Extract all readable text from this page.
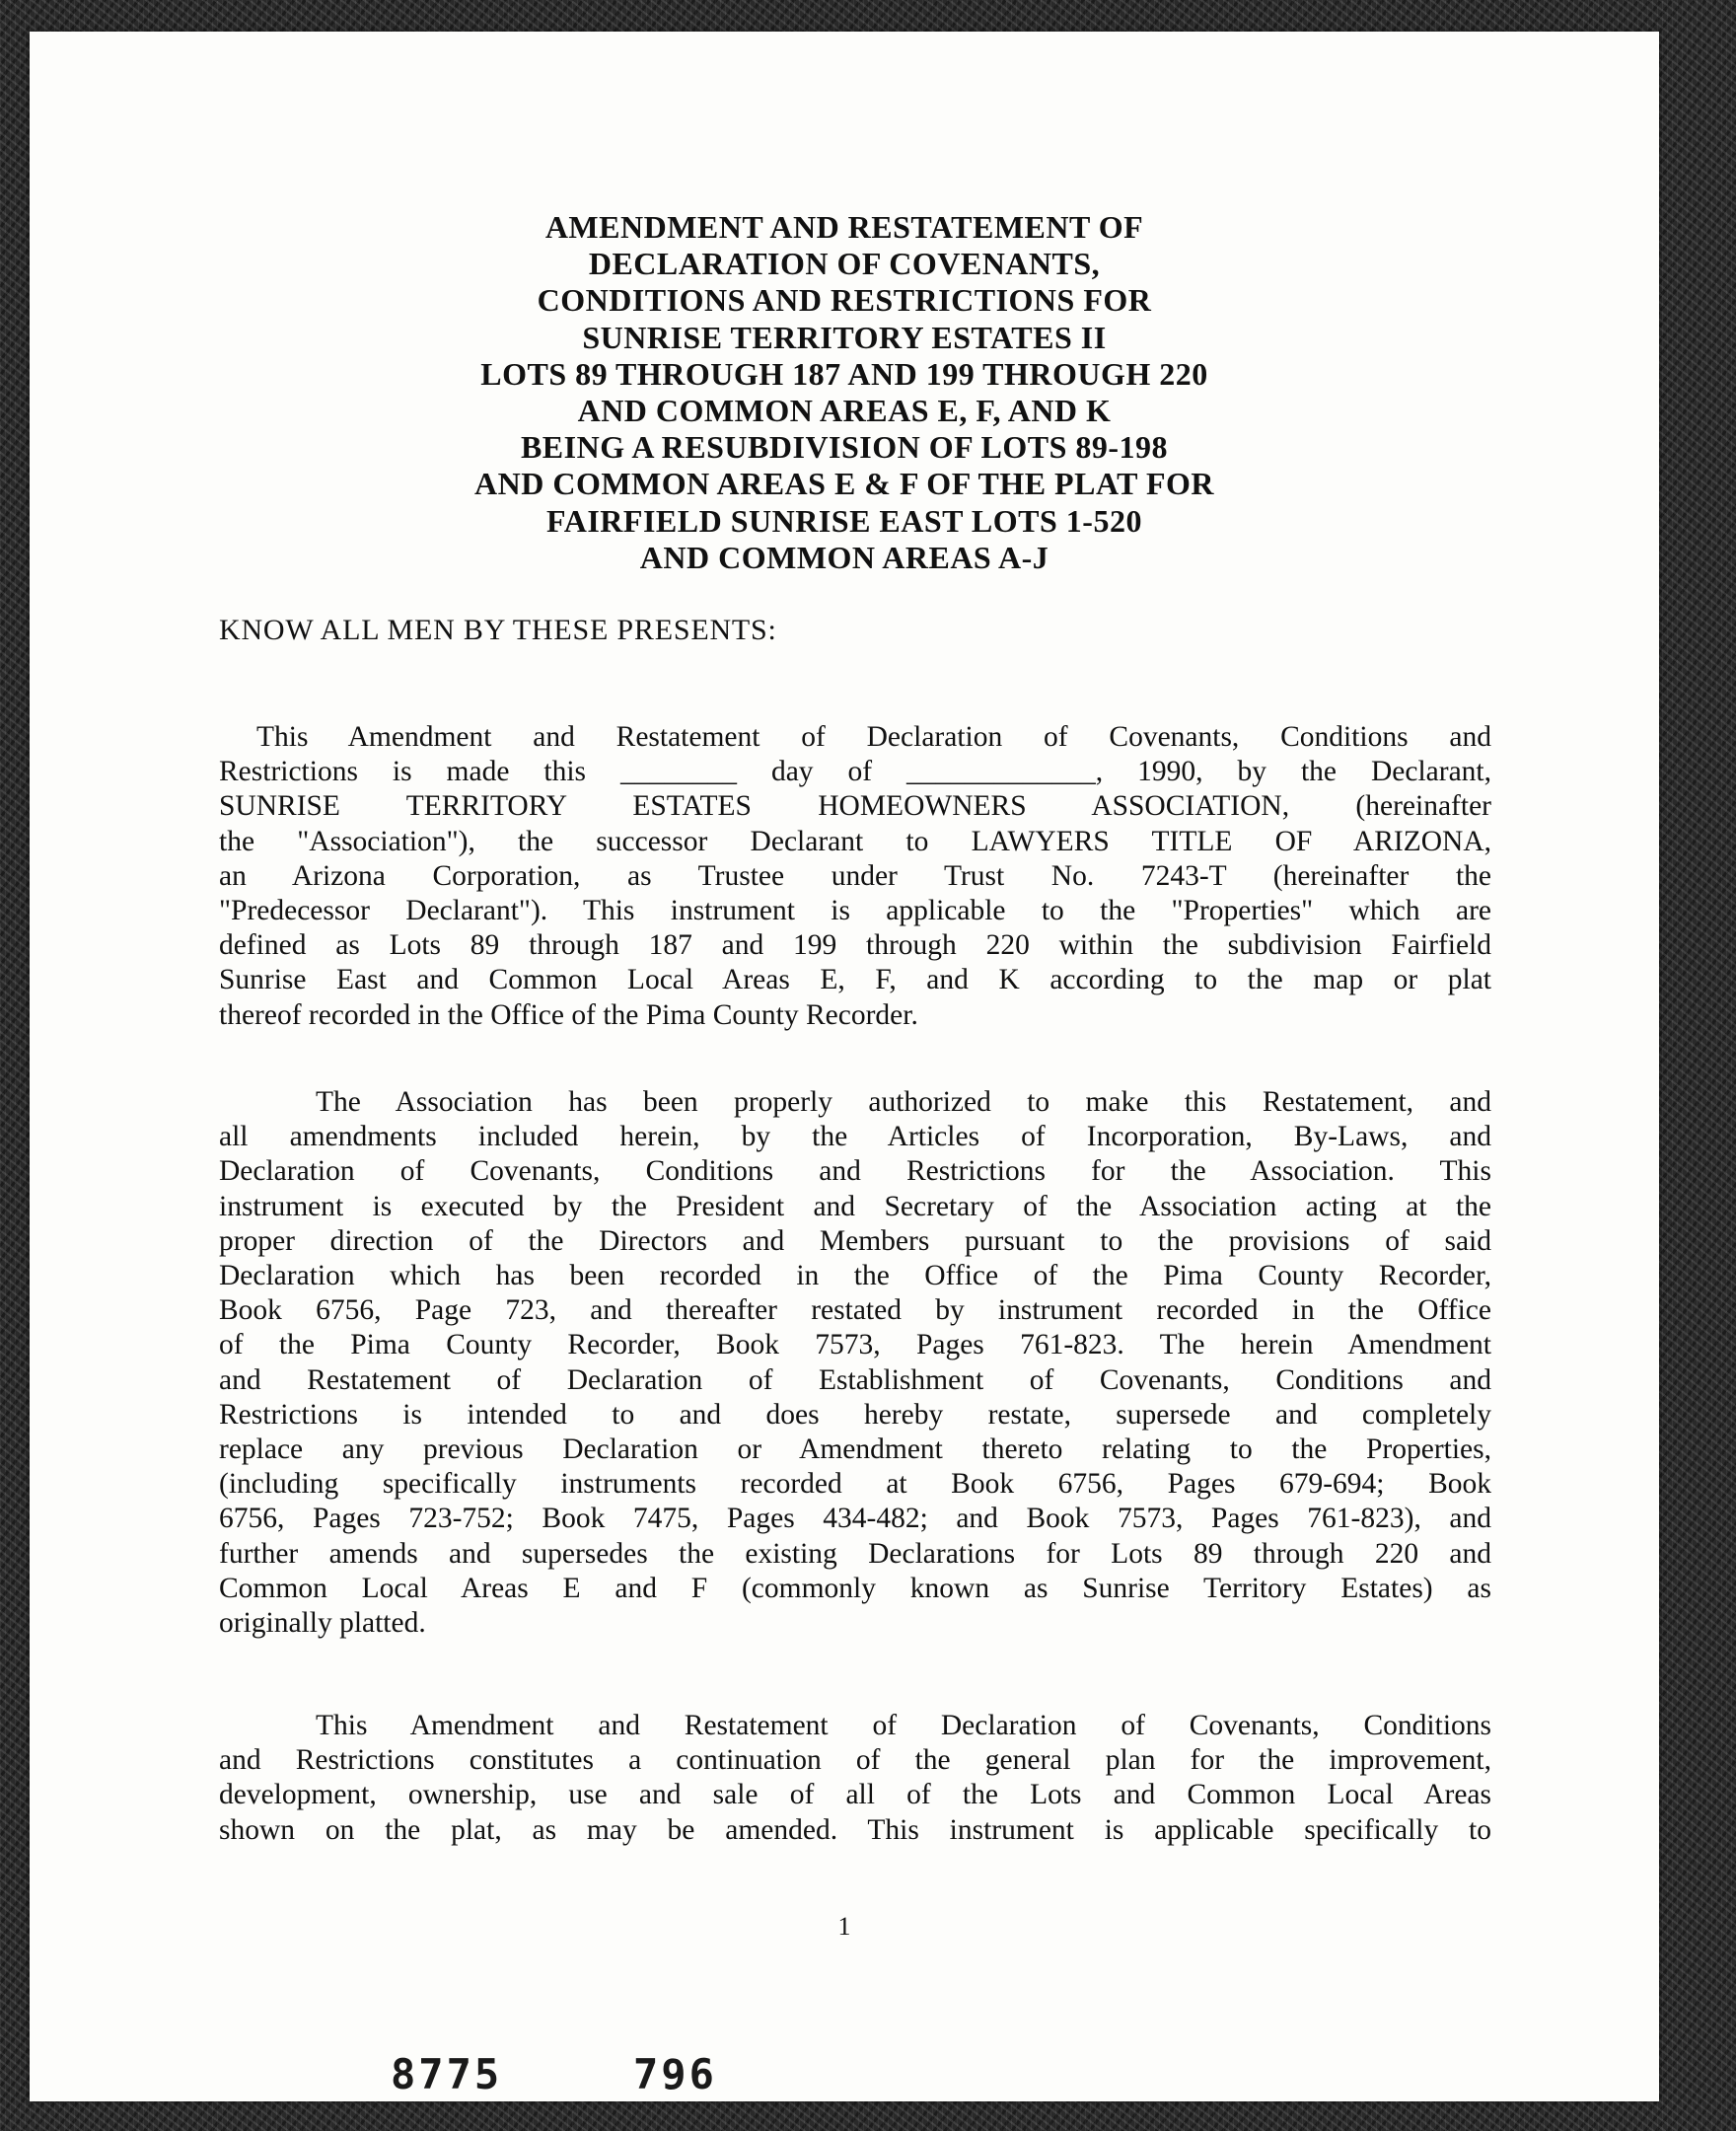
AMENDMENT AND RESTATEMENT OF
DECLARATION OF COVENANTS,
CONDITIONS AND RESTRICTIONS FOR
SUNRISE TERRITORY ESTATES II
LOTS 89 THROUGH 187 AND 199 THROUGH 220
AND COMMON AREAS E, F, AND K
BEING A RESUBDIVISION OF LOTS 89-198
AND COMMON AREAS E & F OF THE PLAT FOR
FAIRFIELD SUNRISE EAST LOTS 1-520
AND COMMON AREAS A-J
KNOW ALL MEN BY THESE PRESENTS:
This Amendment and Restatement of Declaration of Covenants, Conditions and
Restrictions is made this ________ day of _____________, 1990, by the Declarant,
SUNRISE TERRITORY ESTATES HOMEOWNERS ASSOCIATION, (hereinafter
the "Association"), the successor Declarant to LAWYERS TITLE OF ARIZONA,
an Arizona Corporation, as Trustee under Trust No. 7243-T (hereinafter the
"Predecessor Declarant"). This instrument is applicable to the "Properties" which are
defined as Lots 89 through 187 and 199 through 220 within the subdivision Fairfield
Sunrise East and Common Local Areas E, F, and K according to the map or plat
thereof recorded in the Office of the Pima County Recorder.
The Association has been properly authorized to make this Restatement, and
all amendments included herein, by the Articles of Incorporation, By-Laws, and
Declaration of Covenants, Conditions and Restrictions for the Association. This
instrument is executed by the President and Secretary of the Association acting at the
proper direction of the Directors and Members pursuant to the provisions of said
Declaration which has been recorded in the Office of the Pima County Recorder,
Book 6756, Page 723, and thereafter restated by instrument recorded in the Office
of the Pima County Recorder, Book 7573, Pages 761-823. The herein Amendment
and Restatement of Declaration of Establishment of Covenants, Conditions and
Restrictions is intended to and does hereby restate, supersede and completely
replace any previous Declaration or Amendment thereto relating to the Properties,
(including specifically instruments recorded at Book 6756, Pages 679-694; Book
6756, Pages 723-752; Book 7475, Pages 434-482; and Book 7573, Pages 761-823), and
further amends and supersedes the existing Declarations for Lots 89 through 220 and
Common Local Areas E and F (commonly known as Sunrise Territory Estates) as
originally platted.
This Amendment and Restatement of Declaration of Covenants, Conditions
and Restrictions constitutes a continuation of the general plan for the improvement,
development, ownership, use and sale of all of the Lots and Common Local Areas
shown on the plat, as may be amended. This instrument is applicable specifically to
1
8775	796
